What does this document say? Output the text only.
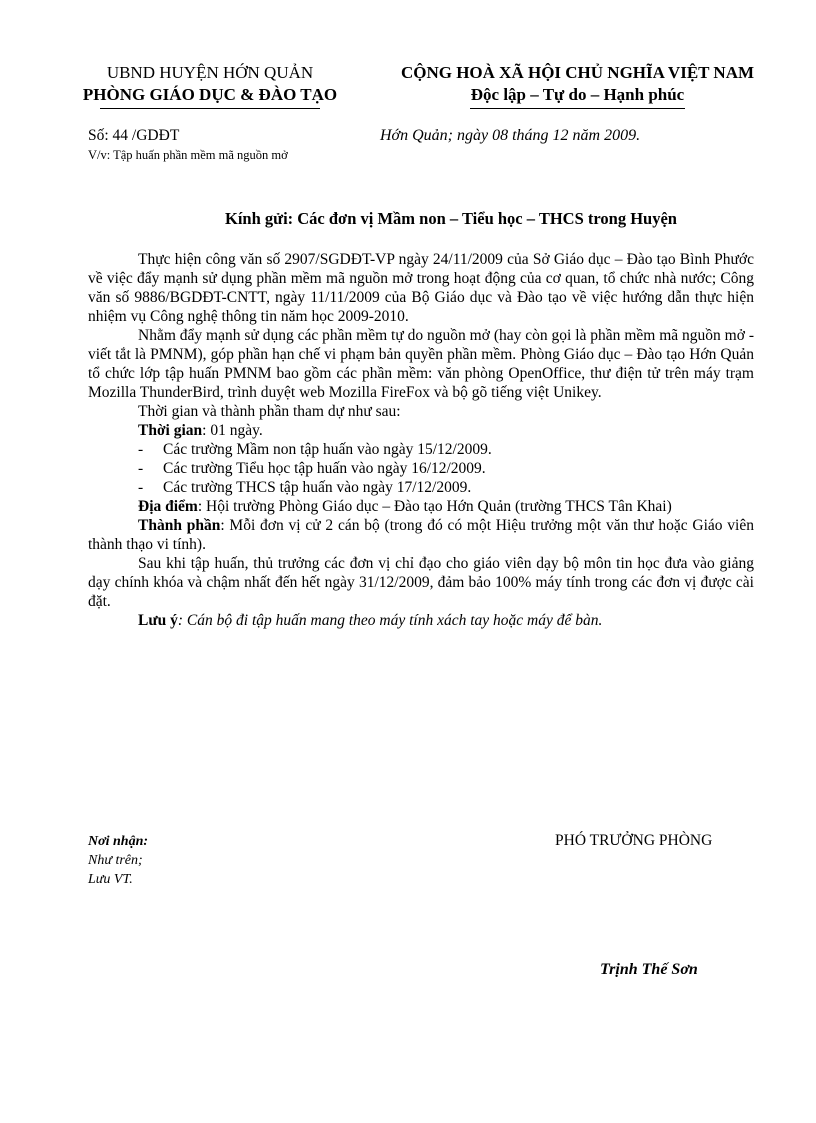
UBND HUYỆN HỚN QUẢN
PHÒNG GIÁO DỤC & ĐÀO TẠO
CỘNG HOÀ XÃ HỘI CHỦ NGHĨA VIỆT NAM
Độc lập – Tự do – Hạnh phúc
Số: 44 /GDĐT
V/v: Tập huấn phần mềm mã nguồn mở
Hớn Quản; ngày 08 tháng 12 năm 2009.
Kính gửi: Các đơn vị Mầm non – Tiểu học – THCS trong Huyện

Thực hiện công văn số 2907/SGDĐT-VP ngày 24/11/2009 của Sở Giáo dục – Đào tạo Bình Phước về việc đẩy mạnh sử dụng phần mềm mã nguồn mở trong hoạt động của cơ quan, tổ chức nhà nước; Công văn số 9886/BGDĐT-CNTT, ngày 11/11/2009 của Bộ Giáo dục và Đào tạo về việc hướng dẫn thực hiện nhiệm vụ Công nghệ thông tin năm học 2009-2010.

Nhằm đẩy mạnh sử dụng các phần mềm tự do nguồn mở (hay còn gọi là phần mềm mã nguồn mở - viết tắt là PMNM), góp phần hạn chế vi phạm bản quyền phần mềm. Phòng Giáo dục – Đào tạo Hớn Quản tổ chức lớp tập huấn PMNM bao gồm các phần mềm: văn phòng OpenOffice, thư điện tử trên máy trạm Mozilla ThunderBird, trình duyệt web Mozilla FireFox và bộ gõ tiếng việt Unikey.

Thời gian và thành phần tham dự như sau:

Thời gian: 01 ngày.

- Các trường Mầm non tập huấn vào ngày 15/12/2009.

- Các trường Tiểu học tập huấn vào ngày 16/12/2009.

- Các trường THCS tập huấn vào ngày 17/12/2009.

Địa điểm: Hội trường Phòng Giáo dục – Đào tạo Hớn Quản (trường THCS Tân Khai)

Thành phần: Mỗi đơn vị cử 2 cán bộ (trong đó có một Hiệu trưởng một văn thư hoặc Giáo viên thành thạo vi tính).

Sau khi tập huấn, thủ trưởng các đơn vị chỉ đạo cho giáo viên dạy bộ môn tin học đưa vào giảng dạy chính khóa và chậm nhất đến hết ngày 31/12/2009, đảm bảo 100% máy tính trong các đơn vị được cài đặt.

Lưu ý: Cán bộ đi tập huấn mang theo máy tính xách tay hoặc máy để bàn.

Nơi nhận:
Như trên;
Lưu VT.
PHÓ TRƯỞNG PHÒNG
Trịnh Thế Sơn
